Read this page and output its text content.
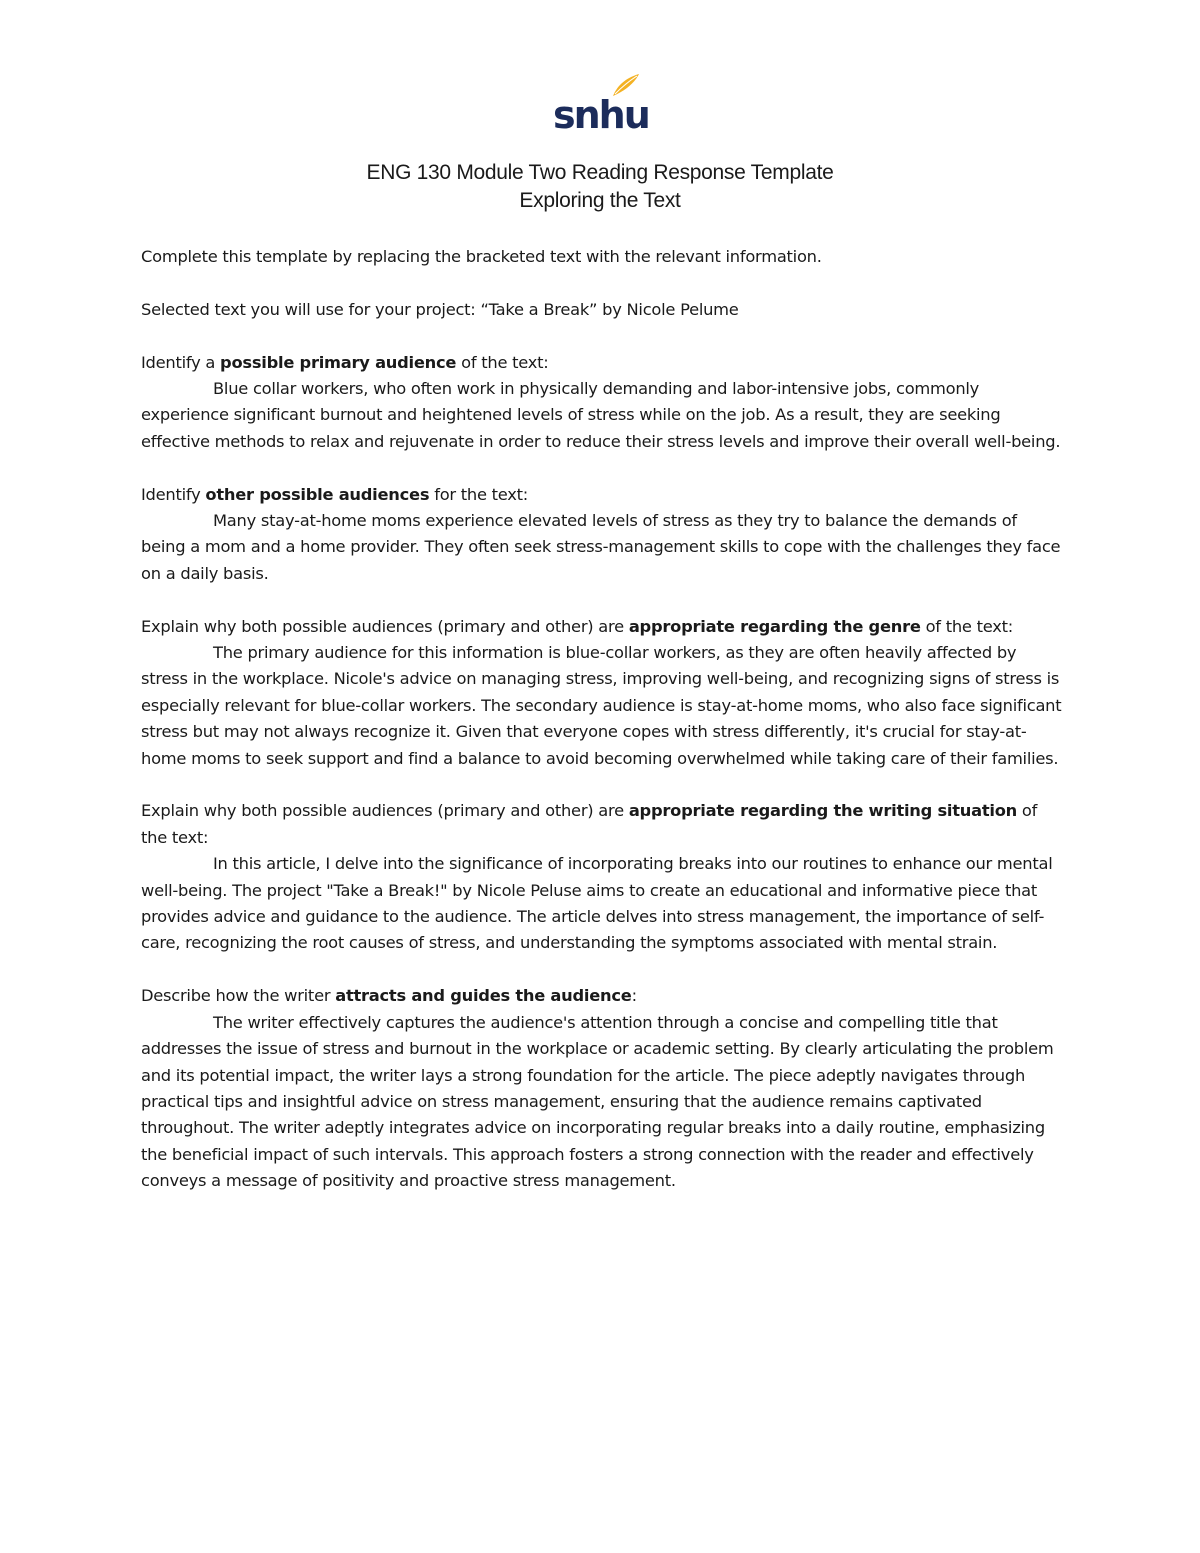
snhu
ENG 130 Module Two Reading Response Template
Exploring the Text

Complete this template by replacing the bracketed text with the relevant information.

Selected text you will use for your project: “Take a Break” by Nicole Pelume

Identify a possible primary audience of the text:

Blue collar workers, who often work in physically demanding and labor-intensive jobs, commonly experience significant burnout and heightened levels of stress while on the job. As a result, they are seeking effective methods to relax and rejuvenate in order to reduce their stress levels and improve their overall well-being.

Identify other possible audiences for the text:

Many stay-at-home moms experience elevated levels of stress as they try to balance the demands of being a mom and a home provider. They often seek stress-management skills to cope with the challenges they face on a daily basis.

Explain why both possible audiences (primary and other) are appropriate regarding the genre of the text:

The primary audience for this information is blue-collar workers, as they are often heavily affected by stress in the workplace. Nicole's advice on managing stress, improving well-being, and recognizing signs of stress is especially relevant for blue-collar workers. The secondary audience is stay-at-home moms, who also face significant stress but may not always recognize it. Given that everyone copes with stress differently, it's crucial for stay-at-home moms to seek support and find a balance to avoid becoming overwhelmed while taking care of their families.

Explain why both possible audiences (primary and other) are appropriate regarding the writing situation of the text:

In this article, I delve into the significance of incorporating breaks into our routines to enhance our mental well-being. The project "Take a Break!" by Nicole Peluse aims to create an educational and informative piece that provides advice and guidance to the audience. The article delves into stress management, the importance of self-care, recognizing the root causes of stress, and understanding the symptoms associated with mental strain.

Describe how the writer attracts and guides the audience:

The writer effectively captures the audience's attention through a concise and compelling title that addresses the issue of stress and burnout in the workplace or academic setting. By clearly articulating the problem and its potential impact, the writer lays a strong foundation for the article. The piece adeptly navigates through practical tips and insightful advice on stress management, ensuring that the audience remains captivated throughout. The writer adeptly integrates advice on incorporating regular breaks into a daily routine, emphasizing the beneficial impact of such intervals. This approach fosters a strong connection with the reader and effectively conveys a message of positivity and proactive stress management.
